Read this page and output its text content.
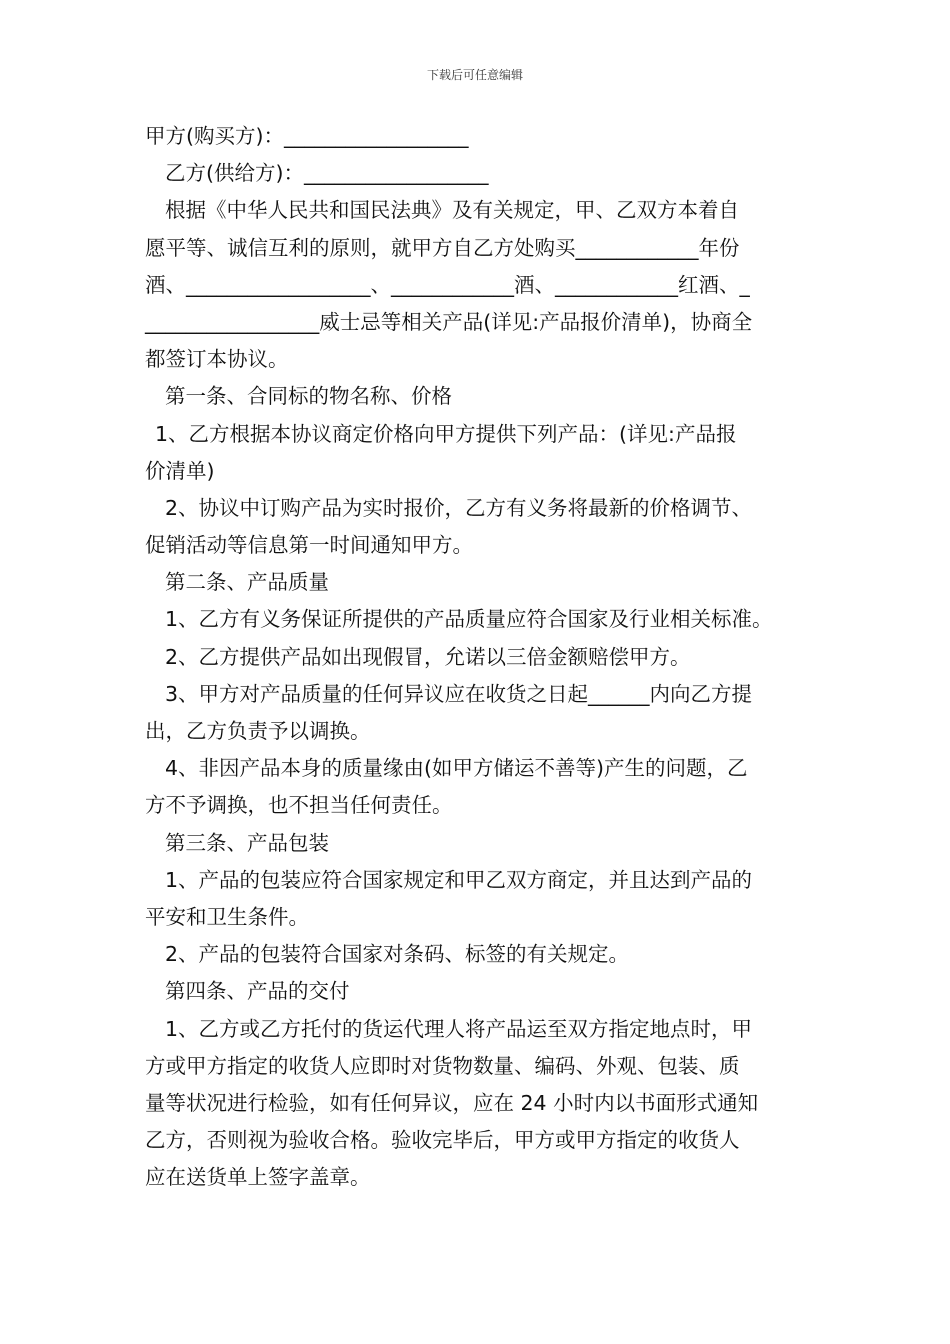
下载后可任意编辑
甲方(购买方)：__________________
乙方(供给方)：__________________
根据《中华人民共和国民法典》及有关规定，甲、乙双方本着自
愿平等、诚信互利的原则，就甲方自乙方处购买____________年份
酒、__________________、____________酒、____________红酒、_
_________________威士忌等相关产品(详见:产品报价清单)，协商全
都签订本协议。
第一条、合同标的物名称、价格
1、乙方根据本协议商定价格向甲方提供下列产品：(详见:产品报
价清单)
2、协议中订购产品为实时报价，乙方有义务将最新的价格调节、
促销活动等信息第一时间通知甲方。
第二条、产品质量
1、乙方有义务保证所提供的产品质量应符合国家及行业相关标准。
2、乙方提供产品如出现假冒，允诺以三倍金额赔偿甲方。
3、甲方对产品质量的任何异议应在收货之日起______内向乙方提
出，乙方负责予以调换。
4、非因产品本身的质量缘由(如甲方储运不善等)产生的问题，乙
方不予调换，也不担当任何责任。
第三条、产品包装
1、产品的包装应符合国家规定和甲乙双方商定，并且达到产品的
平安和卫生条件。
2、产品的包装符合国家对条码、标签的有关规定。
第四条、产品的交付
1、乙方或乙方托付的货运代理人将产品运至双方指定地点时，甲
方或甲方指定的收货人应即时对货物数量、编码、外观、包装、质
量等状况进行检验，如有任何异议，应在 24 小时内以书面形式通知
乙方，否则视为验收合格。验收完毕后，甲方或甲方指定的收货人
应在送货单上签字盖章。
